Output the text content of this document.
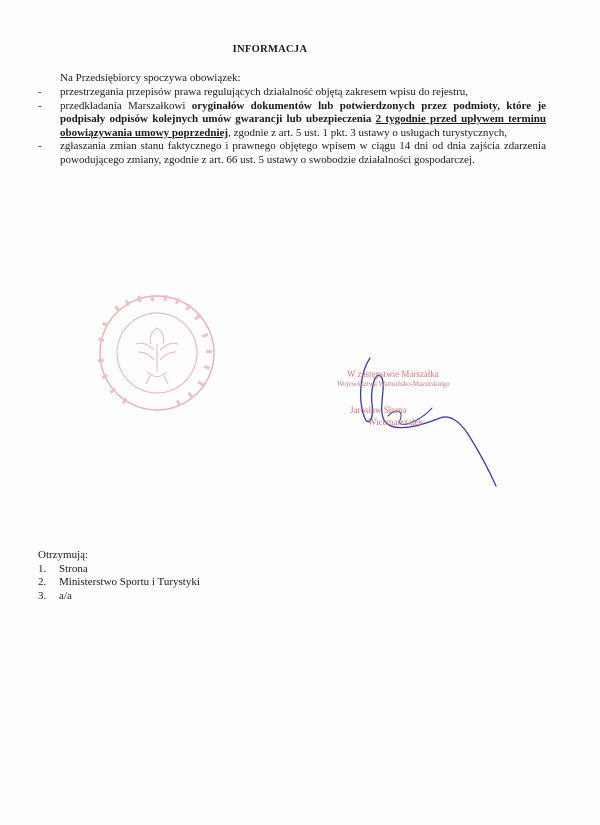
INFORMACJA
Na Przedsiębiorcy spoczywa obowiązek:
-	przestrzegania przepisów prawa regulujących działalność objętą zakresem wpisu do rejestru,
-	przedkładania Marszałkowi oryginałów dokumentów lub potwierdzonych przez podmioty, które je podpisały odpisów kolejnych umów gwarancji lub ubezpieczenia 2 tygodnie przed upływem terminu obowiązywania umowy poprzedniej, zgodnie z art. 5 ust. 1 pkt. 3 ustawy o usługach turystycznych,
-	zgłaszania zmian stanu faktycznego i prawnego objętego wpisem w ciągu 14 dni od dnia zajścia zdarzenia powodującego zmiany, zgodnie z art. 66 ust. 5 ustawy o swobodzie działalności gospodarczej.
W zastępstwie Marszałka
Województwa Warmińsko-Mazurskiego
Jarosław Słoma
Wicemarszałek
Otrzymują:
1.	Strona
2.	Ministerstwo Sportu i Turystyki
3.	a/a
